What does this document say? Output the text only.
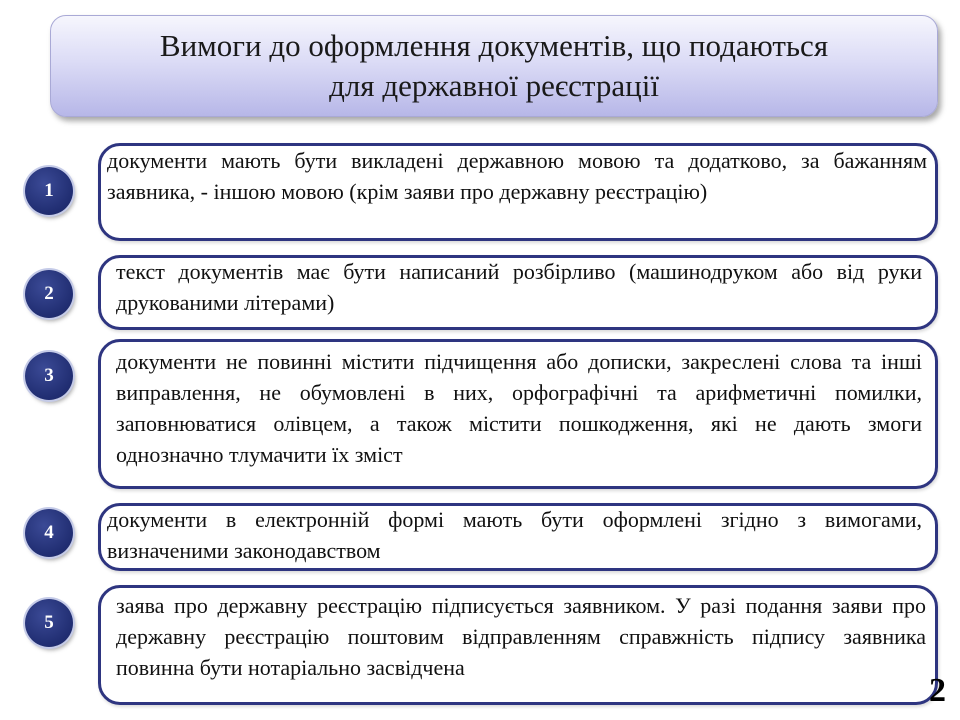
Вимоги до оформлення документів, що подаються
для державної реєстрації
1

документи мають бути викладені державною мовою та додатково, за бажанням заявника, - іншою мовою (крім заяви про державну реєстрацію)

2

текст документів має бути написаний розбірливо (машинодруком або від руки друкованими літерами)

3

документи не повинні містити підчищення або дописки, закреслені слова та інші виправлення, не обумовлені в них, орфографічні та арифметичні помилки, заповнюватися олівцем, а також містити пошкодження, які не дають змоги однозначно тлумачити їх зміст

4

документи в електронній формі мають бути оформлені згідно з вимогами, визначеними законодавством

5

заява про державну реєстрацію підписується заявником. У разі подання заяви про державну реєстрацію поштовим відправленням справжність підпису заявника повинна бути нотаріально засвідчена

2
